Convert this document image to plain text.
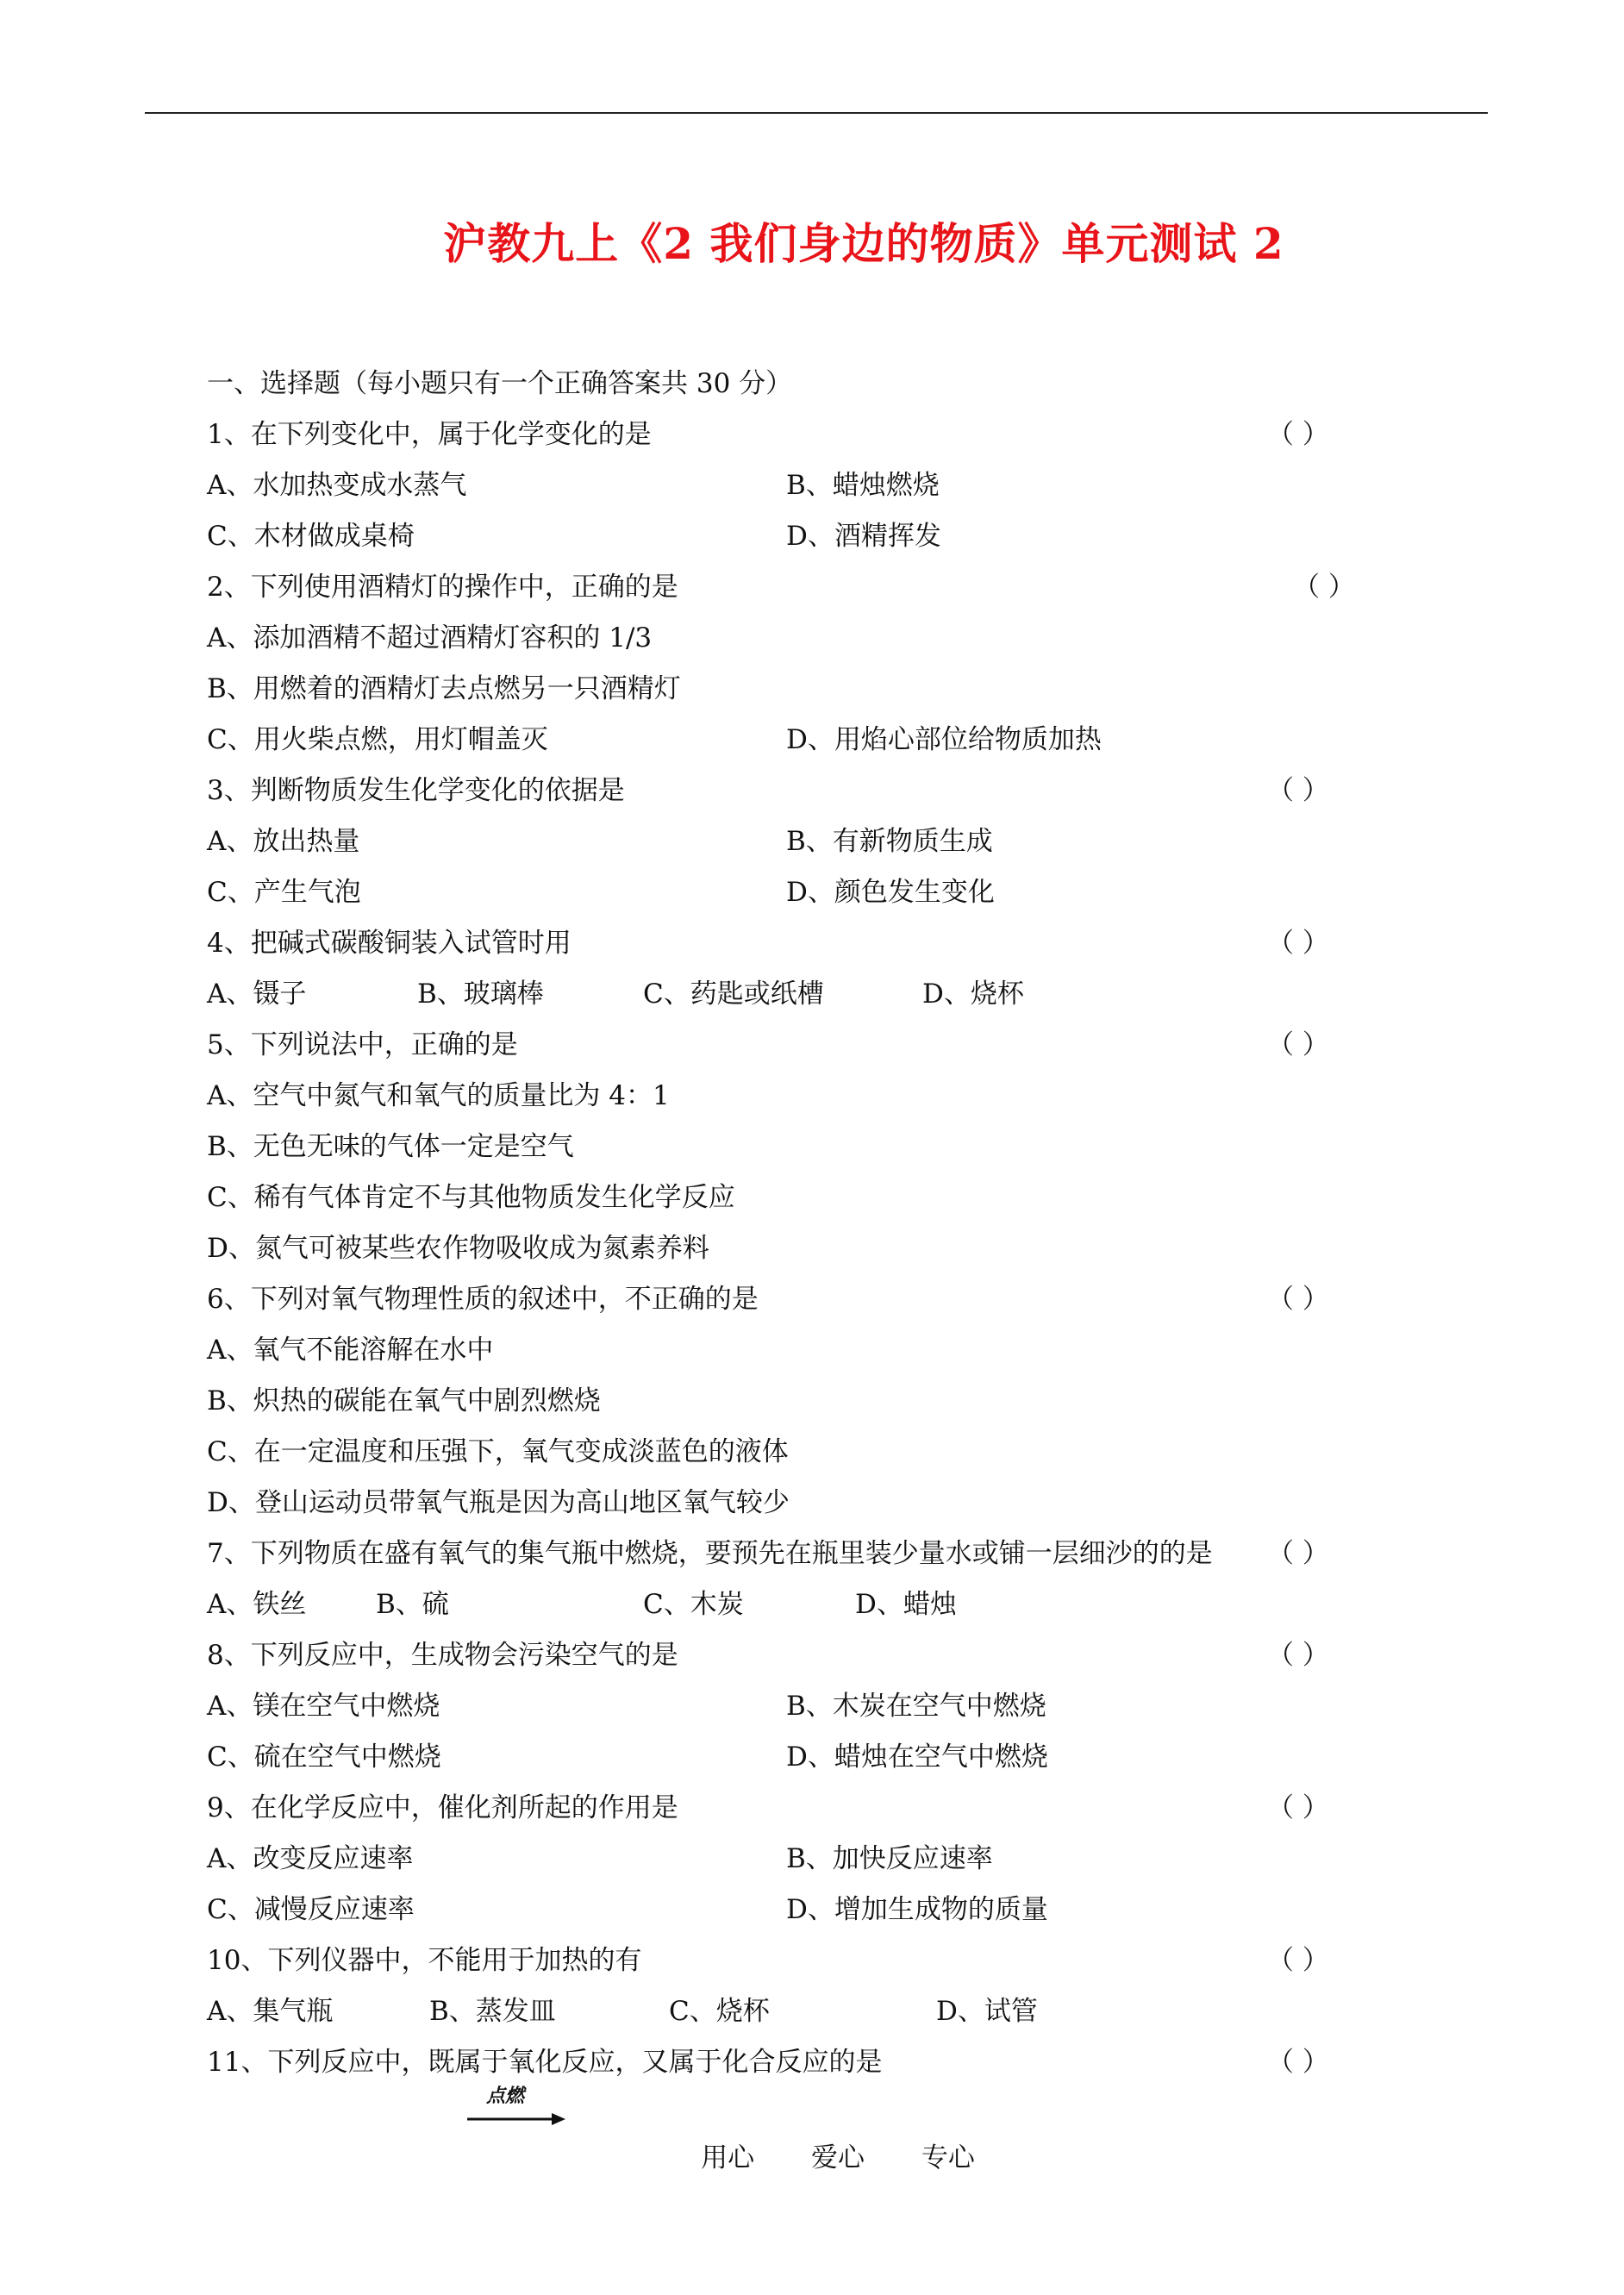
沪教九上《2 我们身边的物质》单元测试 2
一、选择题（每小题只有一个正确答案共 30 分）
1、在下列变化中，属于化学变化的是	（ ）
A、水加热变成水蒸气	B、蜡烛燃烧
C、木材做成桌椅	D、酒精挥发
2、下列使用酒精灯的操作中，正确的是	（ ）
A、添加酒精不超过酒精灯容积的 1/3
B、用燃着的酒精灯去点燃另一只酒精灯
C、用火柴点燃，用灯帽盖灭	D、用焰心部位给物质加热
3、判断物质发生化学变化的依据是	（ ）
A、放出热量	B、有新物质生成
C、产生气泡	D、颜色发生变化
4、把碱式碳酸铜装入试管时用	（ ）
A、镊子	B、玻璃棒	C、药匙或纸槽	D、烧杯
5、下列说法中，正确的是	（ ）
A、空气中氮气和氧气的质量比为 4：1
B、无色无味的气体一定是空气
C、稀有气体肯定不与其他物质发生化学反应
D、氮气可被某些农作物吸收成为氮素养料
6、下列对氧气物理性质的叙述中，不正确的是	（ ）
A、氧气不能溶解在水中
B、炽热的碳能在氧气中剧烈燃烧
C、在一定温度和压强下，氧气变成淡蓝色的液体
D、登山运动员带氧气瓶是因为高山地区氧气较少
7、下列物质在盛有氧气的集气瓶中燃烧，要预先在瓶里装少量水或铺一层细沙的的是 （ ）
A、铁丝	B、硫	C、木炭	D、蜡烛
8、下列反应中，生成物会污染空气的是	（ ）
A、镁在空气中燃烧	B、木炭在空气中燃烧
C、硫在空气中燃烧	D、蜡烛在空气中燃烧
9、在化学反应中，催化剂所起的作用是	（ ）
A、改变反应速率	B、加快反应速率
C、减慢反应速率	D、增加生成物的质量
10、下列仪器中，不能用于加热的有	（ ）
A、集气瓶	B、蒸发皿	C、烧杯	D、试管
11、下列反应中，既属于氧化反应，又属于化合反应的是	（ ）
点燃
用心 爱心 专心
